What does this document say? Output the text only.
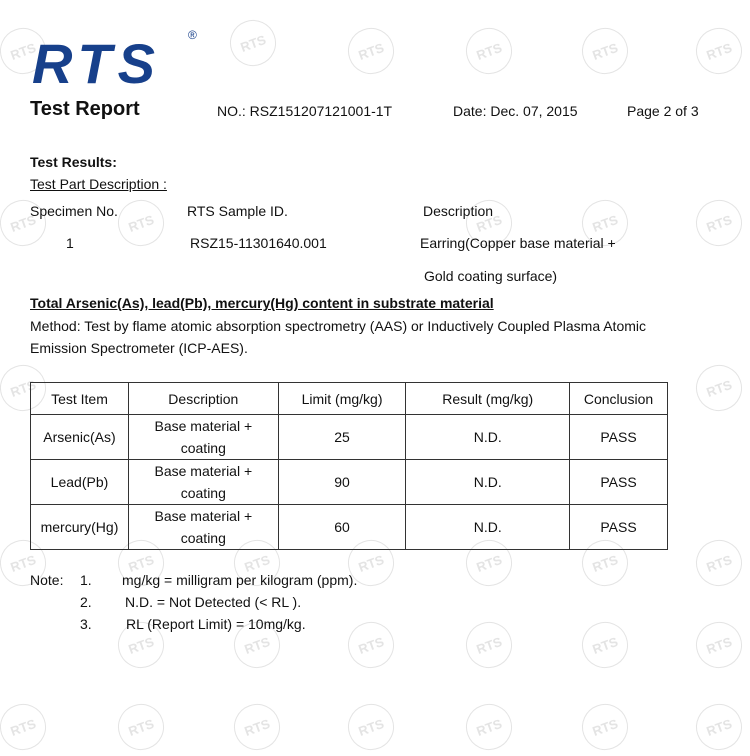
RTS	RTS	RTS	RTS	RTS	RTS
RTS	RTS	RTS	RTS	RTS
RTS	RTS
RTS	RTS	RTS	RTS	RTS	RTS	RTS
RTS	RTS	RTS	RTS	RTS	RTS
RTS	RTS	RTS	RTS	RTS	RTS	RTS
RTS ®
Test Report	NO.: RSZ151207121001-1T	Date: Dec. 07, 2015	Page 2 of 3
Test Results:
Test Part Description :
Specimen No.	RTS Sample ID.	Description
1	RSZ15-11301640.001	Earring(Copper base material +
Gold coating surface)
Total Arsenic(As), lead(Pb), mercury(Hg) content in substrate material
Method: Test by flame atomic absorption spectrometry (AAS) or Inductively Coupled Plasma Atomic
Emission Spectrometer (ICP-AES).
Test Item	Description	Limit (mg/kg)	Result (mg/kg)	Conclusion
Arsenic(As)	Base material +
coating	25	N.D.	PASS
Lead(Pb)	Base material +
coating	90	N.D.	PASS
mercury(Hg)	Base material +
coating	60	N.D.	PASS
Note: 1. mg/kg = milligram per kilogram (ppm).
2. N.D. = Not Detected (< RL ).
3. RL (Report Limit) = 10mg/kg.
